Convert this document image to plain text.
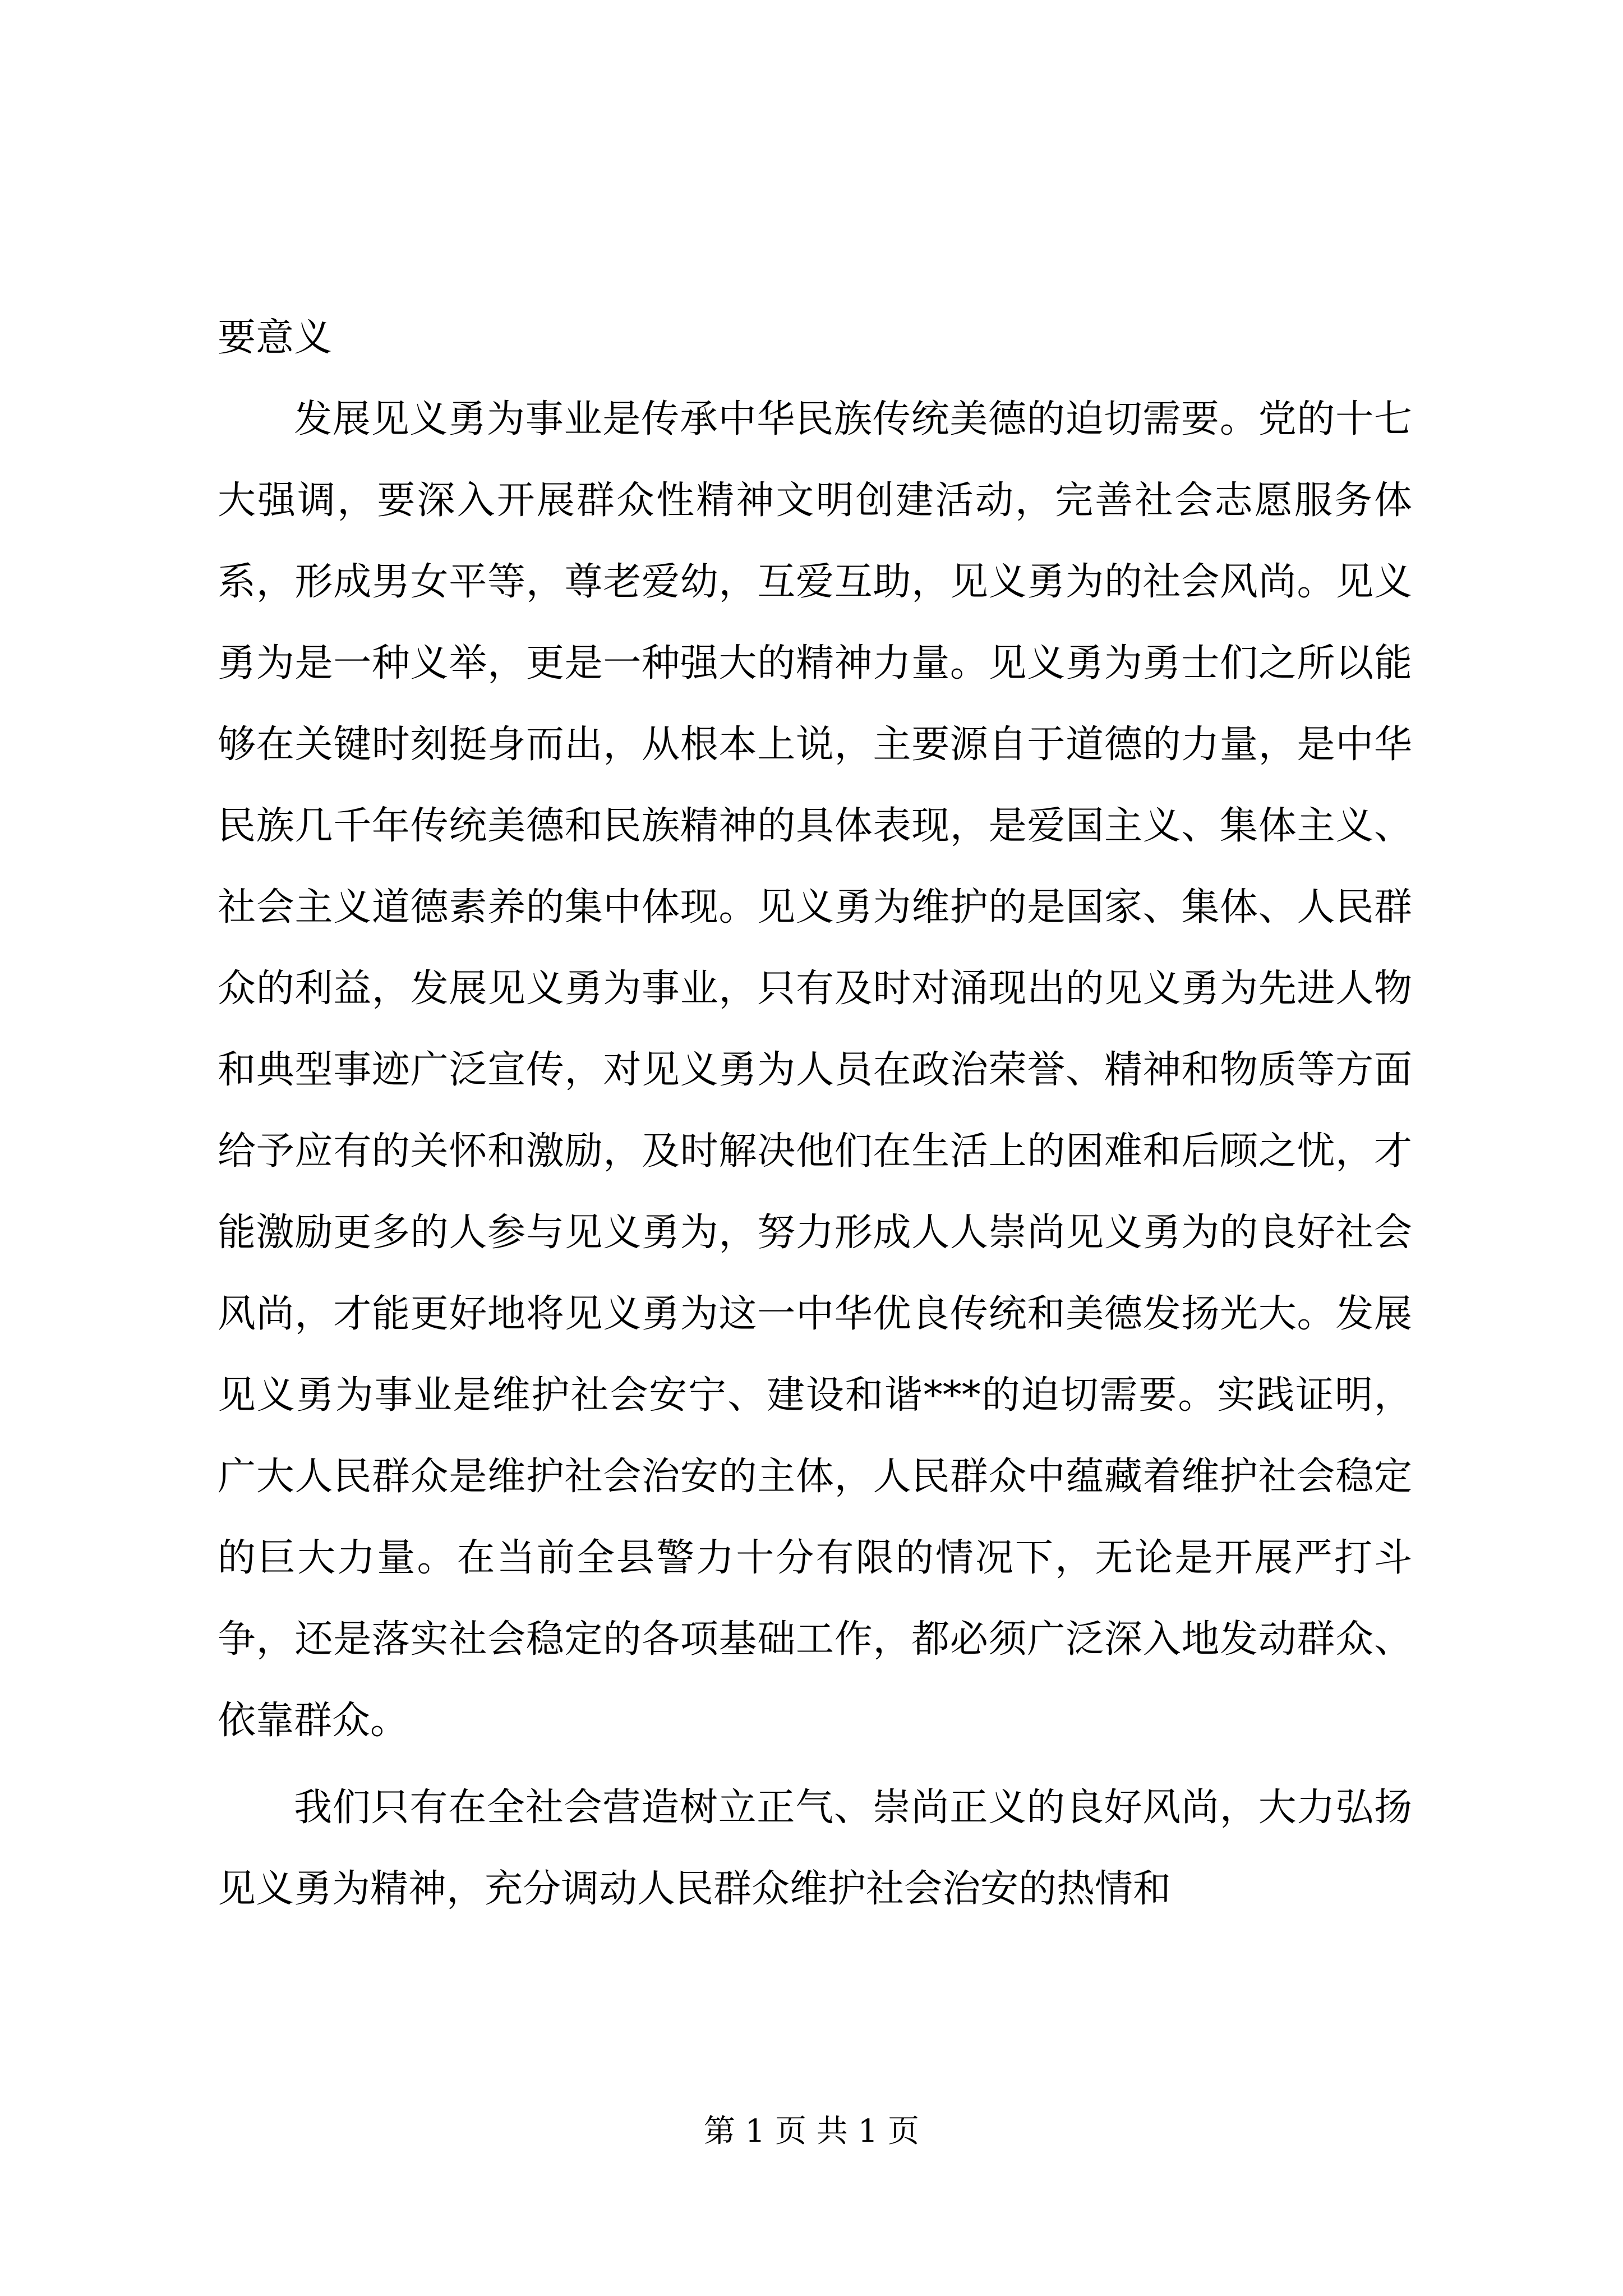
要意义

发展见义勇为事业是传承中华民族传统美德的迫切需要。党的十七大强调，要深入开展群众性精神文明创建活动，完善社会志愿服务体系，形成男女平等，尊老爱幼，互爱互助，见义勇为的社会风尚。见义勇为是一种义举，更是一种强大的精神力量。见义勇为勇士们之所以能够在关键时刻挺身而出，从根本上说，主要源自于道德的力量，是中华民族几千年传统美德和民族精神的具体表现，是爱国主义、集体主义、社会主义道德素养的集中体现。见义勇为维护的是国家、集体、人民群众的利益，发展见义勇为事业，只有及时对涌现出的见义勇为先进人物和典型事迹广泛宣传，对见义勇为人员在政治荣誉、精神和物质等方面给予应有的关怀和激励，及时解决他们在生活上的困难和后顾之忧，才能激励更多的人参与见义勇为，努力形成人人崇尚见义勇为的良好社会风尚，才能更好地将见义勇为这一中华优良传统和美德发扬光大。发展见义勇为事业是维护社会安宁、建设和谐***的迫切需要。实践证明，广大人民群众是维护社会治安的主体，人民群众中蕴藏着维护社会稳定的巨大力量。在当前全县警力十分有限的情况下，无论是开展严打斗争，还是落实社会稳定的各项基础工作，都必须广泛深入地发动群众、依靠群众。

我们只有在全社会营造树立正气、崇尚正义的良好风尚，大力弘扬见义勇为精神，充分调动人民群众维护社会治安的热情和

第 1 页 共 1 页
